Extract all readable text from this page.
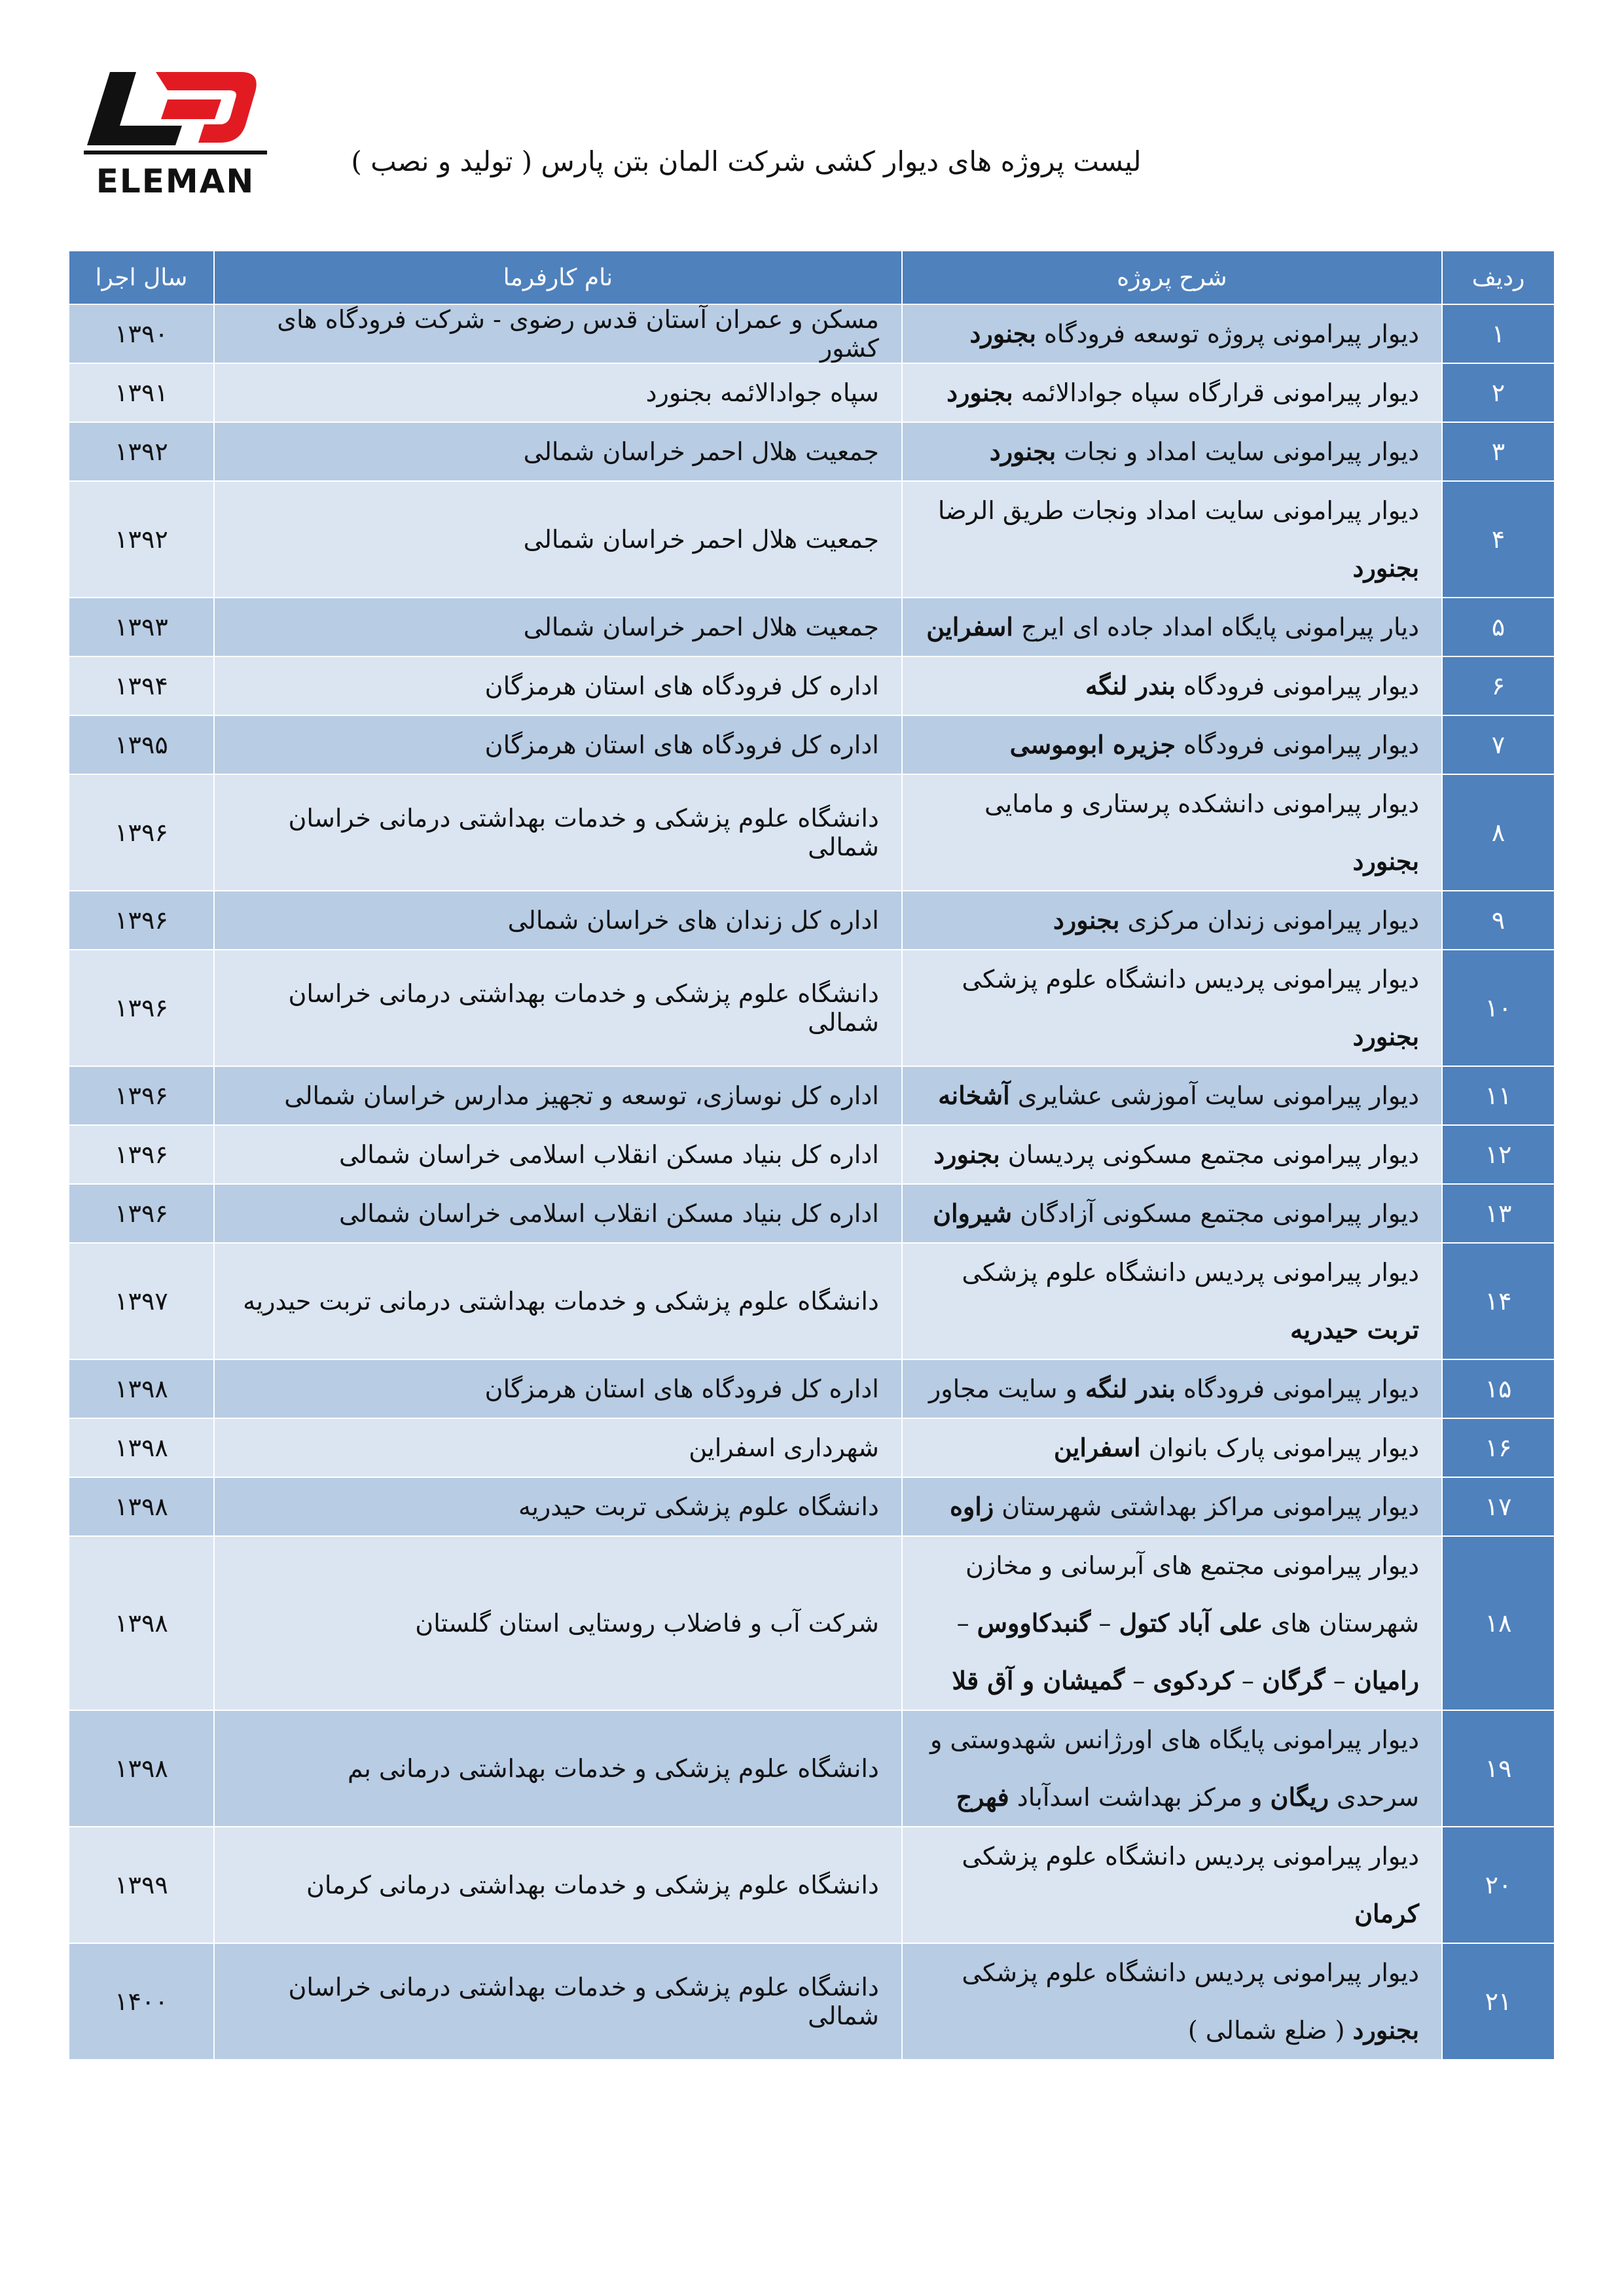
ELEMAN
لیست پروژه های دیوار کشی شرکت المان بتن پارس ( تولید و نصب )
ردیف	شرح پروژه	نام کارفرما	سال اجرا
۱	دیوار پیرامونی پروژه توسعه فرودگاه بجنورد	مسکن و عمران آستان قدس رضوی - شرکت فرودگاه های کشور	۱۳۹۰
۲	دیوار پیرامونی قرارگاه سپاه جوادالائمه بجنورد	سپاه جوادالائمه بجنورد	۱۳۹۱
۳	دیوار پیرامونی سایت امداد و نجات بجنورد	جمعیت هلال احمر خراسان شمالی	۱۳۹۲
۴	دیوار پیرامونی سایت امداد ونجات طریق الرضا بجنورد	جمعیت هلال احمر خراسان شمالی	۱۳۹۲
۵	دیار پیرامونی پایگاه امداد جاده ای ایرج اسفراین	جمعیت هلال احمر خراسان شمالی	۱۳۹۳
۶	دیوار پیرامونی فرودگاه بندر لنگه	اداره کل فرودگاه های استان هرمزگان	۱۳۹۴
۷	دیوار پیرامونی فرودگاه جزیره ابوموسی	اداره کل فرودگاه های استان هرمزگان	۱۳۹۵
۸	دیوار پیرامونی دانشکده پرستاری و مامایی بجنورد	دانشگاه علوم پزشکی و خدمات بهداشتی درمانی خراسان شمالی	۱۳۹۶
۹	دیوار پیرامونی زندان مرکزی بجنورد	اداره کل زندان های خراسان شمالی	۱۳۹۶
۱۰	دیوار پیرامونی پردیس دانشگاه علوم پزشکی بجنورد	دانشگاه علوم پزشکی و خدمات بهداشتی درمانی خراسان شمالی	۱۳۹۶
۱۱	دیوار پیرامونی سایت آموزشی عشایری آشخانه	اداره کل نوسازی، توسعه و تجهیز مدارس خراسان شمالی	۱۳۹۶
۱۲	دیوار پیرامونی مجتمع مسکونی پردیسان بجنورد	اداره کل بنیاد مسکن انقلاب اسلامی خراسان شمالی	۱۳۹۶
۱۳	دیوار پیرامونی مجتمع مسکونی آزادگان شیروان	اداره کل بنیاد مسکن انقلاب اسلامی خراسان شمالی	۱۳۹۶
۱۴	دیوار پیرامونی پردیس دانشگاه علوم پزشکی تربت حیدریه	دانشگاه علوم پزشکی و خدمات بهداشتی درمانی تربت حیدریه	۱۳۹۷
۱۵	دیوار پیرامونی فرودگاه بندر لنگه و سایت مجاور	اداره کل فرودگاه های استان هرمزگان	۱۳۹۸
۱۶	دیوار پیرامونی پارک بانوان اسفراین	شهرداری اسفراین	۱۳۹۸
۱۷	دیوار پیرامونی مراکز بهداشتی شهرستان زاوه	دانشگاه علوم پزشکی تربت حیدریه	۱۳۹۸
۱۸	دیوار پیرامونی مجتمع های آبرسانی و مخازن شهرستان های علی آباد کتول – گنبدکاووس – رامیان – گرگان – کردکوی – گمیشان و آق قلا	شرکت آب و فاضلاب روستایی استان گلستان	۱۳۹۸
۱۹	دیوار پیرامونی پایگاه های اورژانس شهدوستی و سرحدی ریگان و مرکز بهداشت اسدآباد فهرج	دانشگاه علوم پزشکی و خدمات بهداشتی درمانی بم	۱۳۹۸
۲۰	دیوار پیرامونی پردیس دانشگاه علوم پزشکی کرمان	دانشگاه علوم پزشکی و خدمات بهداشتی درمانی کرمان	۱۳۹۹
۲۱	دیوار پیرامونی پردیس دانشگاه علوم پزشکی بجنورد ( ضلع شمالی )	دانشگاه علوم پزشکی و خدمات بهداشتی درمانی خراسان شمالی	۱۴۰۰
